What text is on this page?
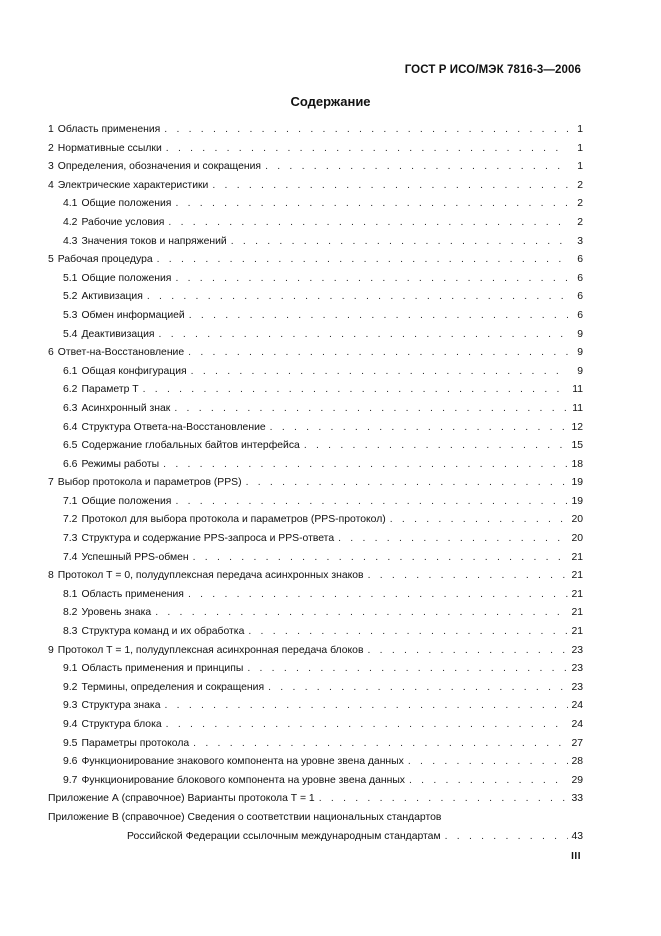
ГОСТ Р ИСО/МЭК 7816-3—2006
Содержание
1 Область применения . . .	1
2 Нормативные ссылки . . .	1
3 Определения, обозначения и сокращения . . .	1
4 Электрические характеристики . . .	2
4.1 Общие положения . . .	2
4.2 Рабочие условия . . .	2
4.3 Значения токов и напряжений . . .	3
5 Рабочая процедура . . .	6
5.1 Общие положения . . .	6
5.2 Активизация . . .	6
5.3 Обмен информацией . . .	6
5.4 Деактивизация . . .	9
6 Ответ-на-Восстановление . . .	9
6.1 Общая конфигурация . . .	9
6.2 Параметр Т . . .	11
6.3 Асинхронный знак . . .	11
6.4 Структура Ответа-на-Восстановление . . .	12
6.5 Содержание глобальных байтов интерфейса . . .	15
6.6 Режимы работы . . .	18
7 Выбор протокола и параметров (PPS) . . .	19
7.1 Общие положения . . .	19
7.2 Протокол для выбора протокола и параметров (PPS-протокол) . . .	20
7.3 Структура и содержание PPS-запроса и PPS-ответа . . .	20
7.4 Успешный PPS-обмен . . .	21
8 Протокол Т = 0, полудуплексная передача асинхронных знаков . . .	21
8.1 Область применения . . .	21
8.2 Уровень знака . . .	21
8.3 Структура команд и их обработка . . .	21
9 Протокол Т = 1, полудуплексная асинхронная передача блоков . . .	23
9.1 Область применения и принципы . . .	23
9.2 Термины, определения и сокращения . . .	23
9.3 Структура знака . . .	24
9.4 Структура блока . . .	24
9.5 Параметры протокола . . .	27
9.6 Функционирование знакового компонента на уровне звена данных . . .	28
9.7 Функционирование блокового компонента на уровне звена данных . . .	29
Приложение А (справочное) Варианты протокола Т = 1 . . .	33
Приложение В (справочное) Сведения о соответствии национальных стандартов
Российской Федерации ссылочным международным стандартам . . .	43
III
